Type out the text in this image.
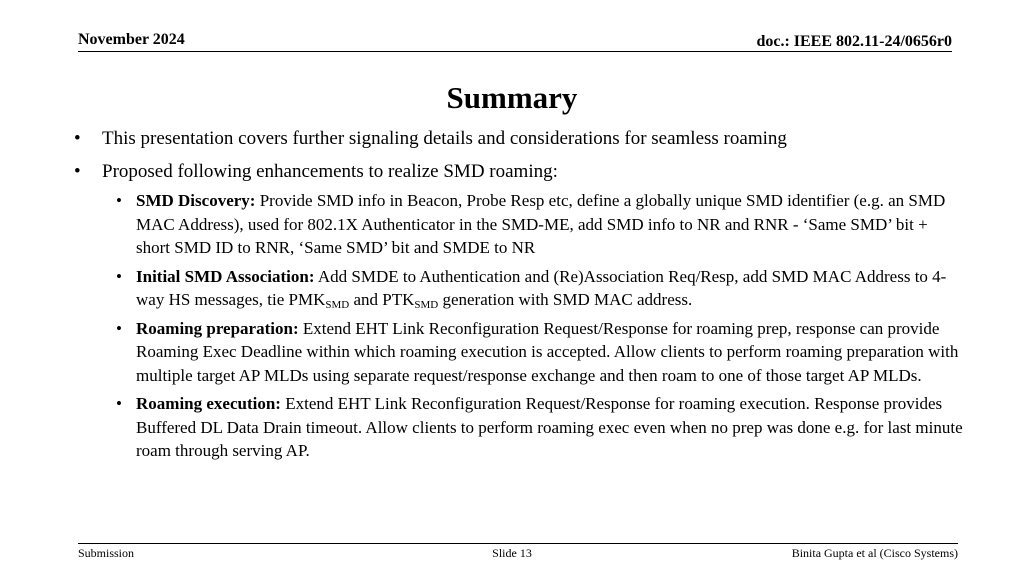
November 2024	doc.: IEEE 802.11-24/0656r0
Summary
• This presentation covers further signaling details and considerations for seamless roaming
• Proposed following enhancements to realize SMD roaming:
• SMD Discovery: Provide SMD info in Beacon, Probe Resp etc, define a globally unique SMD identifier (e.g. an SMD MAC Address), used for 802.1X Authenticator in the SMD-ME, add SMD info to NR and RNR - ‘Same SMD’ bit + short SMD ID to RNR, ‘Same SMD’ bit and SMDE to NR
• Initial SMD Association: Add SMDE to Authentication and (Re)Association Req/Resp, add SMD MAC Address to 4-way HS messages, tie $PMK_{SMD}$ and $PTK_{SMD}$ generation with SMD MAC address.
• Roaming preparation: Extend EHT Link Reconfiguration Request/Response for roaming prep, response can provide Roaming Exec Deadline within which roaming execution is accepted. Allow clients to perform roaming preparation with multiple target AP MLDs using separate request/response exchange and then roam to one of those target AP MLDs.
• Roaming execution: Extend EHT Link Reconfiguration Request/Response for roaming execution. Response provides Buffered DL Data Drain timeout. Allow clients to perform roaming exec even when no prep was done e.g. for last minute roam through serving AP.
Submission	Slide 13	Binita Gupta et al (Cisco Systems)
